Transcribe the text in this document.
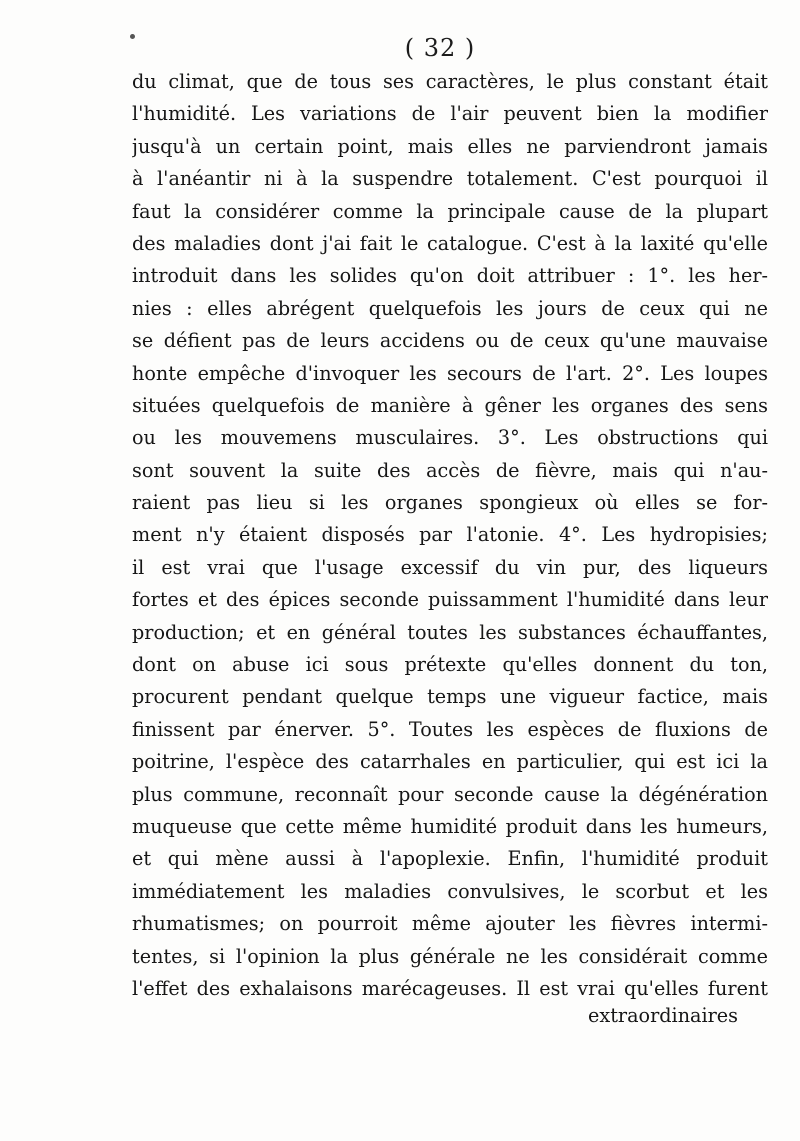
( 32 )
du climat, que de tous ses caractères, le plus constant était
l'humidité. Les variations de l'air peuvent bien la modifier
jusqu'à un certain point, mais elles ne parviendront jamais
à l'anéantir ni à la suspendre totalement. C'est pourquoi il
faut la considérer comme la principale cause de la plupart
des maladies dont j'ai fait le catalogue. C'est à la laxité qu'elle
introduit dans les solides qu'on doit attribuer : 1°. les her-
nies : elles abrégent quelquefois les jours de ceux qui ne
se défient pas de leurs accidens ou de ceux qu'une mauvaise
honte empêche d'invoquer les secours de l'art. 2°. Les loupes
situées quelquefois de manière à gêner les organes des sens
ou les mouvemens musculaires. 3°. Les obstructions qui
sont souvent la suite des accès de fièvre, mais qui n'au-
raient pas lieu si les organes spongieux où elles se for-
ment n'y étaient disposés par l'atonie. 4°. Les hydropisies;
il est vrai que l'usage excessif du vin pur, des liqueurs
fortes et des épices seconde puissamment l'humidité dans leur
production; et en général toutes les substances échauffantes,
dont on abuse ici sous prétexte qu'elles donnent du ton,
procurent pendant quelque temps une vigueur factice, mais
finissent par énerver. 5°. Toutes les espèces de fluxions de
poitrine, l'espèce des catarrhales en particulier, qui est ici la
plus commune, reconnaît pour seconde cause la dégénération
muqueuse que cette même humidité produit dans les humeurs,
et qui mène aussi à l'apoplexie. Enfin, l'humidité produit
immédiatement les maladies convulsives, le scorbut et les
rhumatismes; on pourroit même ajouter les fièvres intermi-
tentes, si l'opinion la plus générale ne les considérait comme
l'effet des exhalaisons marécageuses. Il est vrai qu'elles furent
extraordinaires
